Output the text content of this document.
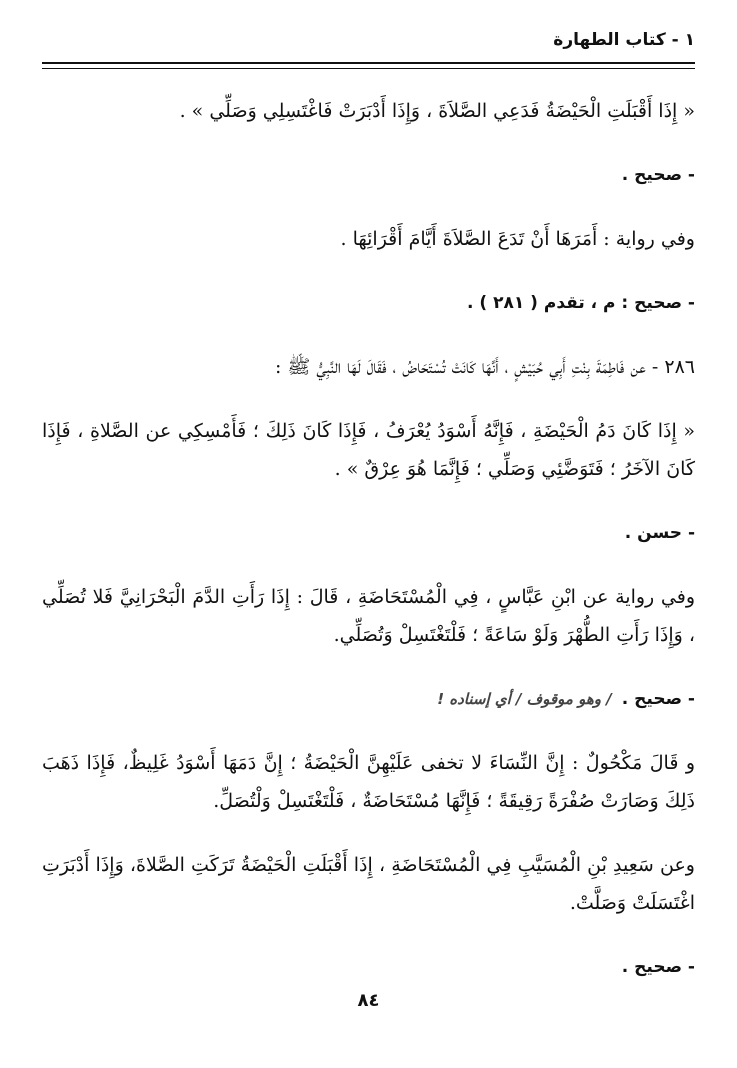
١ - كتاب الطهارة

« إِذَا أَقْبَلَتِ الْحَيْضَةُ فَدَعِي الصَّلاَةَ ، وَإِذَا أَدْبَرَتْ فَاغْتَسِلِي وَصَلِّي » .

- صحيح .

وفي رواية : أَمَرَهَا أَنْ تَدَعَ الصَّلاَةَ أَيَّامَ أَقْرَائِهَا .

- صحيح : م ، تقدم ( ٢٨١ ) .

٢٨٦ - عن فَاطِمَةَ بِنْتِ أَبِي حُبَيْشٍ ، أَنَّهَا كَانَتْ تُسْتَحَاضُ ، فَقَالَ لَهَا النَّبِيُّ ﷺ :

« إِذَا كَانَ دَمُ الْحَيْضَةِ ، فَإِنَّهُ أَسْوَدُ يُعْرَفُ ، فَإِذَا كَانَ ذَلِكَ ؛ فَأَمْسِكِي عن الصَّلاةِ ، فَإِذَا كَانَ الآخَرُ ؛ فَتَوَضَّئِي وَصَلِّي ؛ فَإِنَّمَا هُوَ عِرْقٌ » .

- حسن .

وفي رواية عن ابْنِ عَبَّاسٍ ، فِي الْمُسْتَحَاضَةِ ، قَالَ : إِذَا رَأَتِ الدَّمَ الْبَحْرَانِيَّ فَلا تُصَلِّي ، وَإِذَا رَأَتِ الطُّهْرَ وَلَوْ سَاعَةً ؛ فَلْتَغْتَسِلْ وَتُصَلِّي.

- صحيح ./ وهو موقوف / أي إسناده !

و قَالَ مَكْحُولٌ : إِنَّ النِّسَاءَ لا تخفى عَلَيْهِنَّ الْحَيْضَةُ ؛ إِنَّ دَمَهَا أَسْوَدُ غَلِيظٌ، فَإِذَا ذَهَبَ ذَلِكَ وَصَارَتْ صُفْرَةً رَقِيقَةً ؛ فَإِنَّهَا مُسْتَحَاضَةٌ ، فَلْتَغْتَسِلْ وَلْتُصَلِّ.

وعن سَعِيدِ بْنِ الْمُسَيَّبِ فِي الْمُسْتَحَاضَةِ ، إِذَا أَقْبَلَتِ الْحَيْضَةُ تَرَكَتِ الصَّلاةَ، وَإِذَا أَدْبَرَتِ اغْتَسَلَتْ وَصَلَّتْ.

- صحيح .

٨٤
